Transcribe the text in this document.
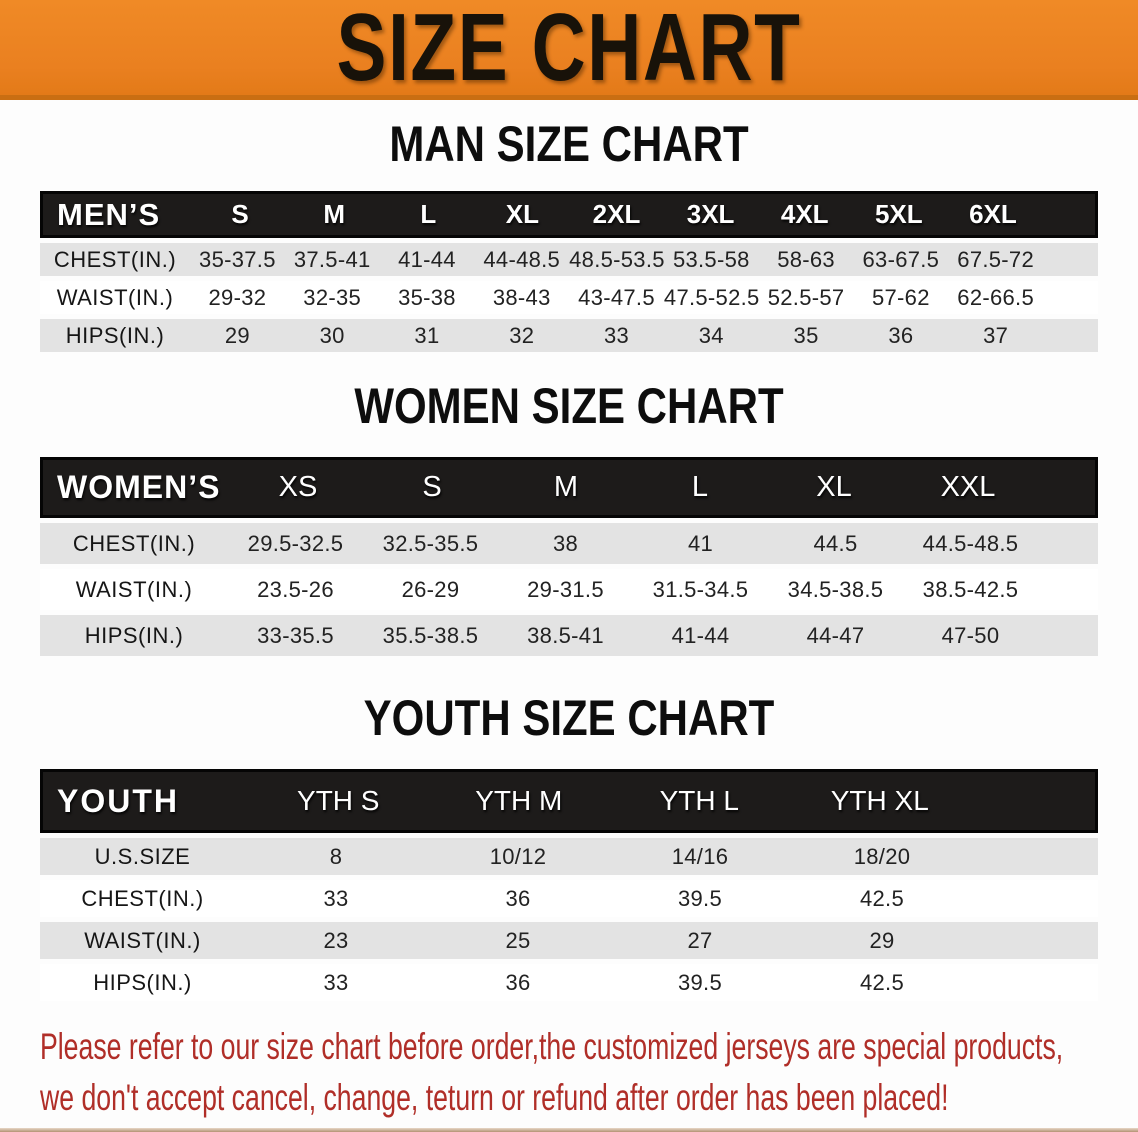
SIZE CHART
MAN SIZE CHART
MEN’S	S	M	L	XL	2XL	3XL	4XL	5XL	6XL
CHEST(IN.)	35-37.5 37.5-41	41-44	44-48.5 48.5-53.5 53.5-58	58-63	63-67.5 67.5-72
WAIST(IN.)	29-32	32-35	35-38	38-43	43-47.5 47.5-52.5 52.5-57	57-62	62-66.5
HIPS(IN.)	29	30	31	32	33	34	35	36	37
WOMEN SIZE CHART
WOMEN’S	XS	S	M	L	XL	XXL
CHEST(IN.)	29.5-32.5	32.5-35.5	38	41	44.5	44.5-48.5
WAIST(IN.)	23.5-26	26-29	29-31.5	31.5-34.5	34.5-38.5	38.5-42.5
HIPS(IN.)	33-35.5	35.5-38.5	38.5-41	41-44	44-47	47-50
YOUTH SIZE CHART
YOUTH	YTH S	YTH M	YTH L	YTH XL
U.S.SIZE	8	10/12	14/16	18/20
CHEST(IN.)	33	36	39.5	42.5
WAIST(IN.)	23	25	27	29
HIPS(IN.)	33	36	39.5	42.5

Please refer to our size chart before order,the customized jerseys are special products,

we don't accept cancel, change, teturn or refund after order has been placed!
